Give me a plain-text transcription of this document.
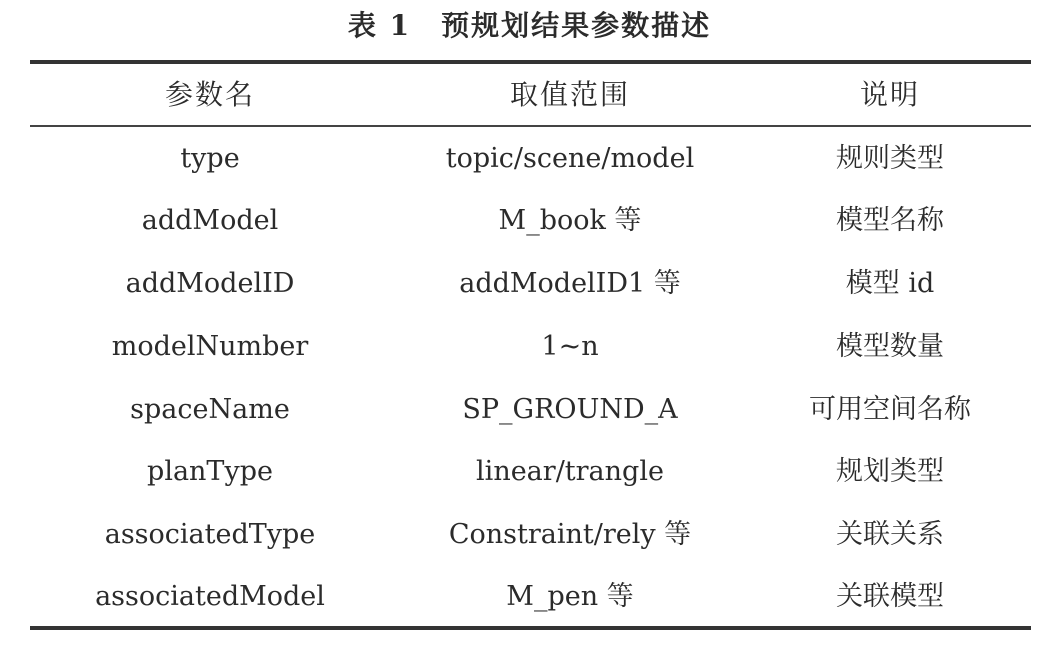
表 1 预规划结果参数描述
参数名	取值范围	说明
type	topic/scene/model	规则类型
addModel	M_book 等	模型名称
addModelID	addModelID1 等	模型 id
modelNumber	1~n	模型数量
spaceName	SP_GROUND_A	可用空间名称
planType	linear/trangle	规划类型
associatedType	Constraint/rely 等	关联关系
associatedModel	M_pen 等	关联模型
